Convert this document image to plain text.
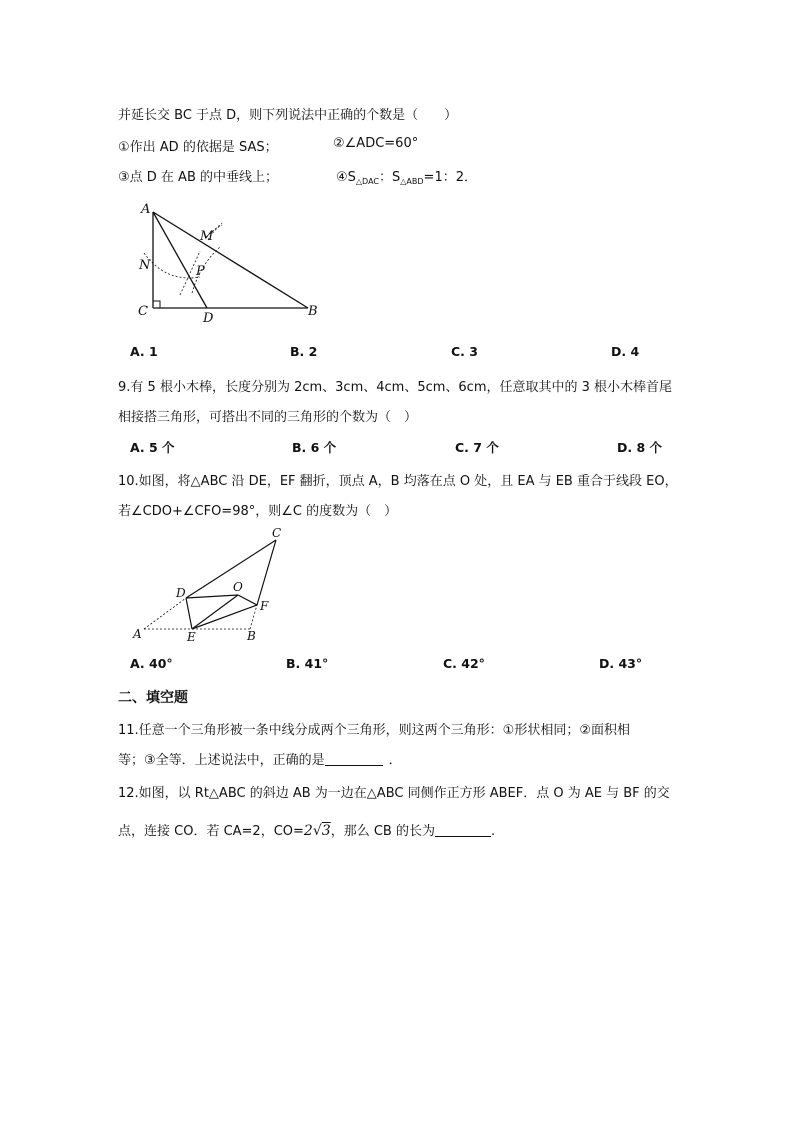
并延长交 BC 于点 D，则下列说法中正确的个数是（　　）
①作出 AD 的依据是 SAS；	②∠ADC=60°
③点 D 在 AB 的中垂线上；	$④S_{\triangle DAC}$：$S_{\triangle ABD}=1$：2．
A
M
N	P
C	D	B
A. 1	B. 2	C. 3	D. 4
9.有 5 根小木棒，长度分别为 2cm、3cm、4cm、5cm、6cm，任意取其中的 3 根小木棒首尾
相接搭三角形，可搭出不同的三角形的个数为（　）
A. 5 个	B. 6 个	C. 7 个	D. 8 个
10.如图，将△ABC 沿 DE，EF 翻折，顶点 A，B 均落在点 O 处，且 EA 与 EB 重合于线段 EO，
若∠CDO+∠CFO=98°，则∠C 的度数为（　）
C
D	O
F
A	E	B
A. 40°	B. 41°	C. 42°	D. 43°
二、填空题
11.任意一个三角形被一条中线分成两个三角形，则这两个三角形：①形状相同；②面积相
等；③全等．上述说法中，正确的是	．
12.如图，以 Rt△ABC 的斜边 AB 为一边在△ABC 同侧作正方形 ABEF．点 O 为 AE 与 BF 的交
点，连接 CO．若 CA=2，CO=2√3，那么 CB 的长为	.
